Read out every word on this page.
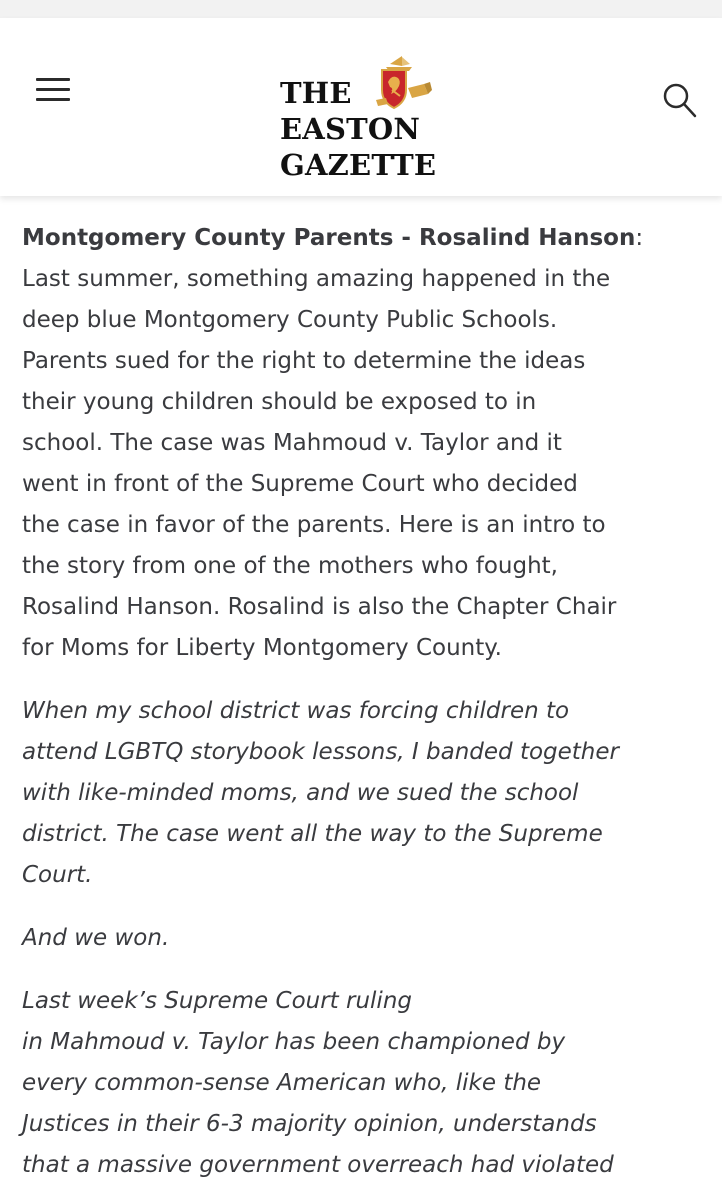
THE
EASTON
GAZETTE

Montgomery County Parents - Rosalind Hanson:
Last summer, something amazing happened in the
deep blue Montgomery County Public Schools.
Parents sued for the right to determine the ideas
their young children should be exposed to in
school. The case was Mahmoud v. Taylor and it
went in front of the Supreme Court who decided
the case in favor of the parents. Here is an intro to
the story from one of the mothers who fought,
Rosalind Hanson. Rosalind is also the Chapter Chair
for Moms for Liberty Montgomery County.

When my school district was forcing children to
attend LGBTQ storybook lessons, I banded together
with like-minded moms, and we sued the school
district. The case went all the way to the Supreme
Court.

And we won.

Last week’s Supreme Court ruling
in Mahmoud v. Taylor has been championed by
every common-sense American who, like the
Justices in their 6-3 majority opinion, understands
that a massive government overreach had violated
